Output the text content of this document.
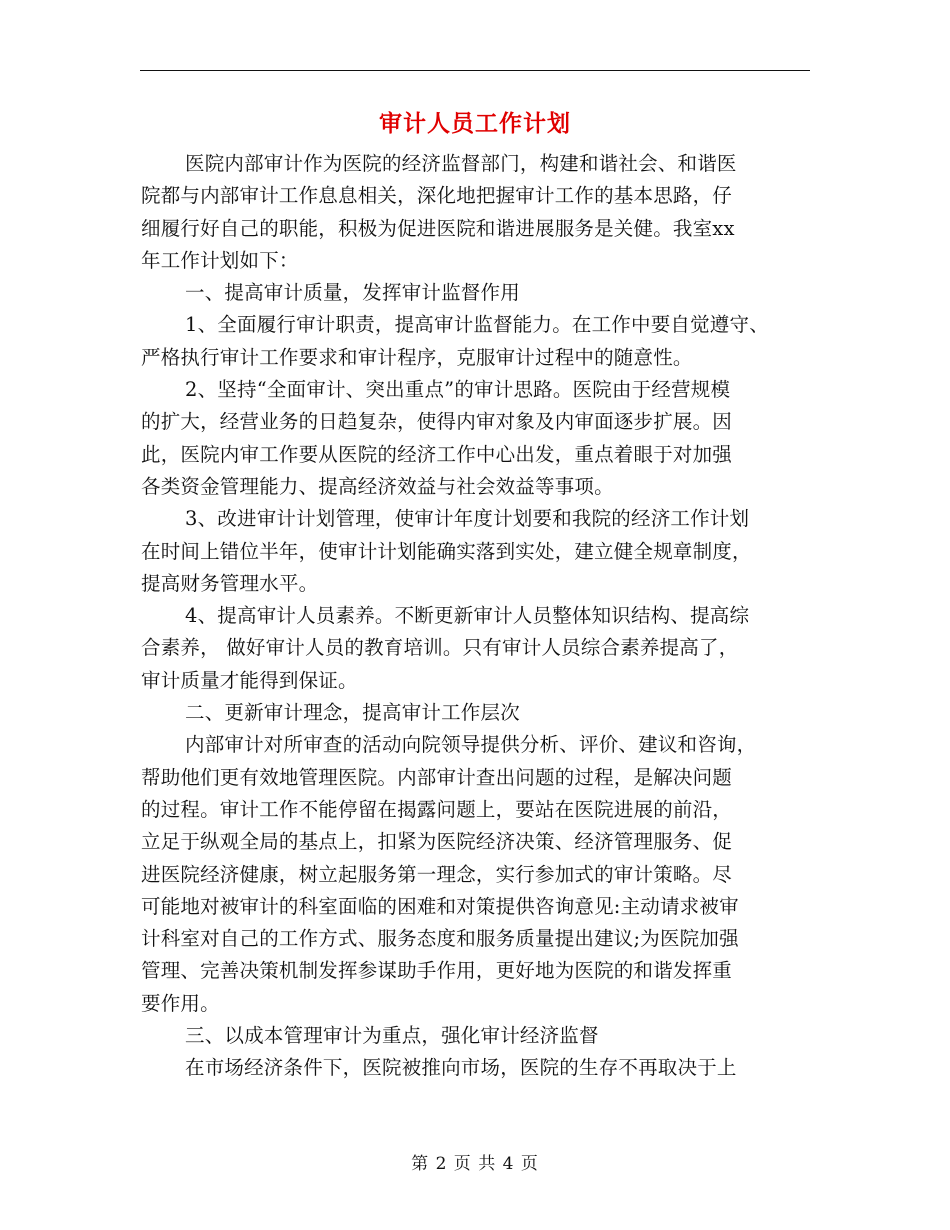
审计人员工作计划

医院内部审计作为医院的经济监督部门，构建和谐社会、和谐医
院都与内部审计工作息息相关，深化地把握审计工作的基本思路，仔
细履行好自己的职能，积极为促进医院和谐进展服务是关健。我室xx
年工作计划如下：

一、提高审计质量，发挥审计监督作用

1、全面履行审计职责，提高审计监督能力。在工作中要自觉遵守、
严格执行审计工作要求和审计程序，克服审计过程中的随意性。

2、坚持“全面审计、突出重点”的审计思路。医院由于经营规模
的扩大，经营业务的日趋复杂，使得内审对象及内审面逐步扩展。因
此，医院内审工作要从医院的经济工作中心出发，重点着眼于对加强
各类资金管理能力、提高经济效益与社会效益等事项。

3、改进审计计划管理，使审计年度计划要和我院的经济工作计划
在时间上错位半年，使审计计划能确实落到实处，建立健全规章制度，
提高财务管理水平。

4、提高审计人员素养。不断更新审计人员整体知识结构、提高综
合素养， 做好审计人员的教育培训。只有审计人员综合素养提高了，
审计质量才能得到保证。

二、更新审计理念，提高审计工作层次

内部审计对所审查的活动向院领导提供分析、评价、建议和咨询，
帮助他们更有效地管理医院。内部审计查出问题的过程，是解决问题
的过程。审计工作不能停留在揭露问题上，要站在医院进展的前沿，
立足于纵观全局的基点上，扣紧为医院经济决策、经济管理服务、促
进医院经济健康，树立起服务第一理念，实行参加式的审计策略。尽
可能地对被审计的科室面临的困难和对策提供咨询意见:主动请求被审
计科室对自己的工作方式、服务态度和服务质量提出建议;为医院加强
管理、完善决策机制发挥参谋助手作用，更好地为医院的和谐发挥重
要作用。

三、以成本管理审计为重点，强化审计经济监督

在市场经济条件下，医院被推向市场，医院的生存不再取决于上

第 2 页 共 4 页
